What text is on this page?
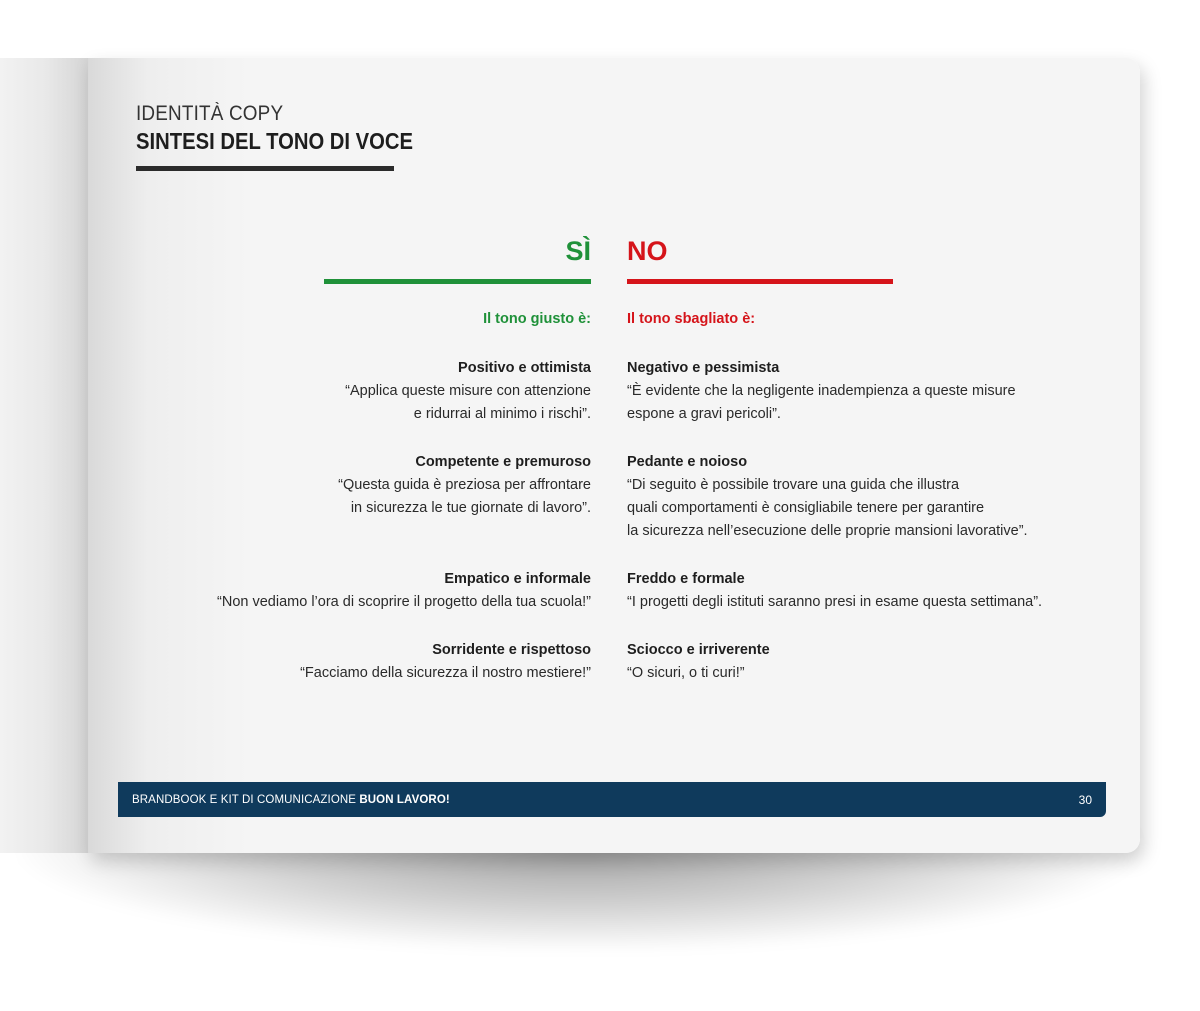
IDENTITÀ COPY
SINTESI DEL TONO DI VOCE
SÌ
Il tono giusto è:
Positivo e ottimista
“Applica queste misure con attenzione
e ridurrai al minimo i rischi”.
Competente e premuroso
“Questa guida è preziosa per affrontare
in sicurezza le tue giornate di lavoro”.
Empatico e informale
“Non vediamo l’ora di scoprire il progetto della tua scuola!”
Sorridente e rispettoso
“Facciamo della sicurezza il nostro mestiere!”
NO
Il tono sbagliato è:
Negativo e pessimista
“È evidente che la negligente inadempienza a queste misure
espone a gravi pericoli”.
Pedante e noioso
“Di seguito è possibile trovare una guida che illustra
quali comportamenti è consigliabile tenere per garantire
la sicurezza nell’esecuzione delle proprie mansioni lavorative”.
Freddo e formale
“I progetti degli istituti saranno presi in esame questa settimana”.
Sciocco e irriverente
“O sicuri, o ti curi!”
BRANDBOOK E KIT DI COMUNICAZIONE BUON LAVORO!	30
